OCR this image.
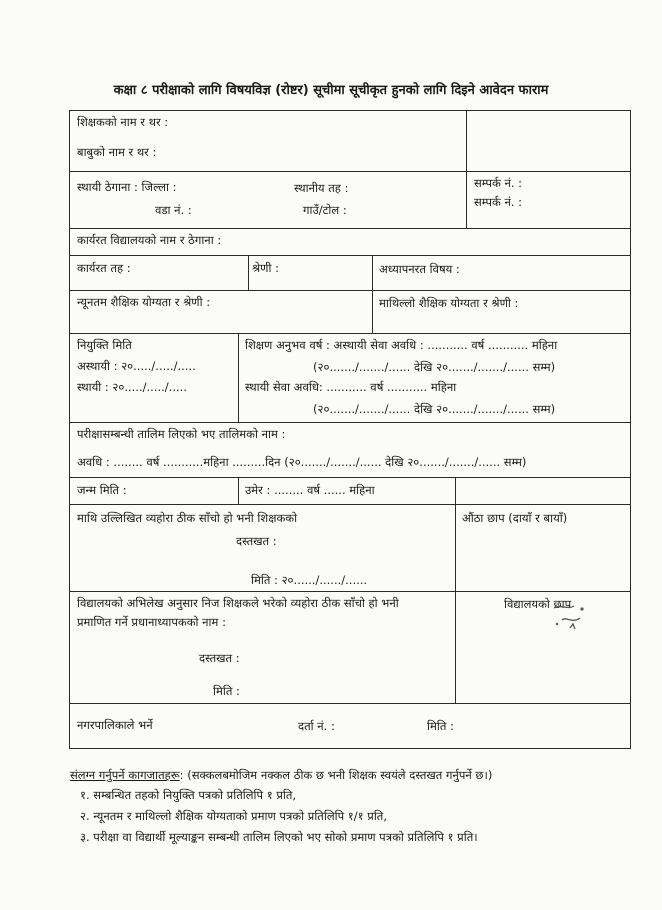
कक्षा ८ परीक्षाको लागि विषयविज्ञ (रोष्टर) सूचीमा सूचीकृत हुनको लागि दिइने आवेदन फाराम
शिक्षकको नाम र थर :
बाबुको नाम र थर :
स्थायी ठेगाना : जिल्ला :	स्थानीय तह :
वडा नं. :	गाउँ/टोल :
सम्पर्क नं. :
सम्पर्क नं. :
कार्यरत विद्यालयको नाम र ठेगाना :
कार्यरत तह :	श्रेणी :	अध्यापनरत विषय :
न्यूनतम शैक्षिक योग्यता र श्रेणी :	माथिल्लो शैक्षिक योग्यता र श्रेणी :
नियुक्ति मिति
अस्थायी : २०...../...../.....
स्थायी : २०...../...../.....
शिक्षण अनुभव वर्ष : अस्थायी सेवा अवधि : ........... वर्ष ........... महिना
(२०......./......./...... देखि २०......./......./...... सम्म)
स्थायी सेवा अवधि: ........... वर्ष ........... महिना
(२०......./......./...... देखि २०......./......./...... सम्म)
परीक्षासम्बन्धी तालिम लिएको भए तालिमको नाम :
अवधि : ........ वर्ष ...........महिना .........दिन (२०......./......./...... देखि २०......./......./...... सम्म)
जन्म मिति :	उमेर : ........ वर्ष ...... महिना
माथि उल्लिखित व्यहोरा ठीक साँचो हो भनी शिक्षकको
दस्तखत :
मिति : २०....../....../......
औंठा छाप (दायाँ र बायाँ)
विद्यालयको अभिलेख अनुसार निज शिक्षकले भरेको व्यहोरा ठीक साँचो हो भनी
प्रमाणित गर्ने प्रधानाध्यापकको नाम :
दस्तखत :
मिति :
विद्यालयको छाप
नगरपालिकाले भर्ने	दर्ता नं. :	मिति :
संलग्न गर्नुपर्ने कागजातहरू: (सक्कलबमोजिम नक्कल ठीक छ भनी शिक्षक स्वयंले दस्तखत गर्नुपर्ने छ।)
१. सम्बन्धित तहको नियुक्ति पत्रको प्रतिलिपि १ प्रति,
२. न्यूनतम र माथिल्लो शैक्षिक योग्यताको प्रमाण पत्रको प्रतिलिपि १/१ प्रति,
३. परीक्षा वा विद्यार्थी मूल्याङ्कन सम्बन्धी तालिम लिएको भए सोको प्रमाण पत्रको प्रतिलिपि १ प्रति।
